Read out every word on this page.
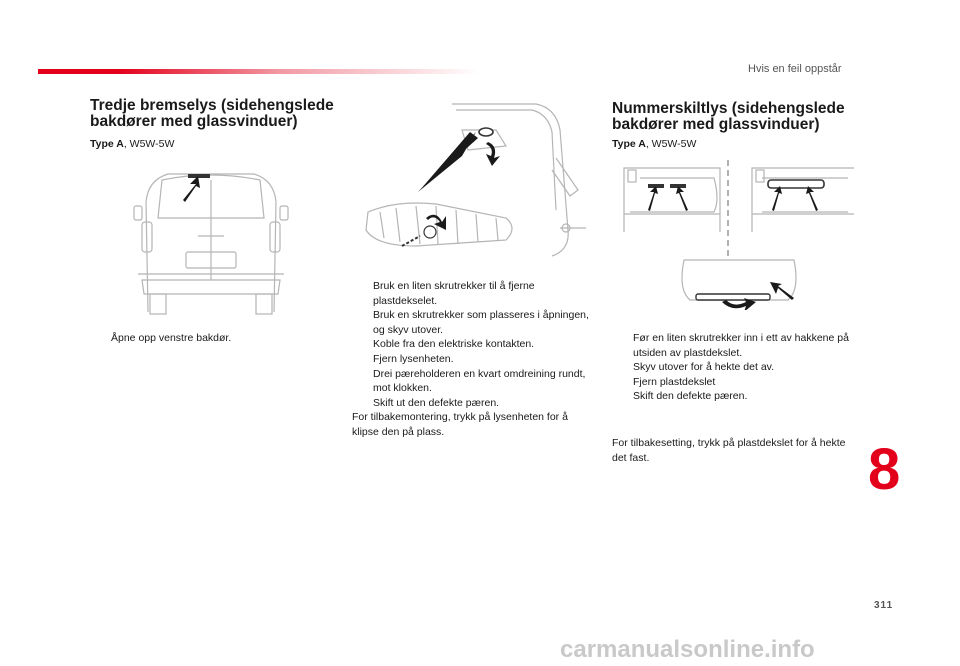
Hvis en feil oppstår
Tredje bremselys (sidehengslede
bakdører med glassvinduer)
Type A, W5W-5W
Åpne opp venstre bakdør.
Bruk en liten skrutrekker til å fjerne plastdekselet.
Bruk en skrutrekker som plasseres i åpningen, og skyv utover.
Koble fra den elektriske kontakten.
Fjern lysenheten.
Drei pæreholderen en kvart omdreining rundt, mot klokken.
Skift ut den defekte pæren.
For tilbakemontering, trykk på lysenheten for å klipse den på plass.
Nummerskiltlys (sidehengslede
bakdører med glassvinduer)
Type A, W5W-5W
Før en liten skrutrekker inn i ett av hakkene på utsiden av plastdekslet.
Skyv utover for å hekte det av.
Fjern plastdekslet
Skift den defekte pæren.
For tilbakesetting, trykk på plastdekslet for å hekte det fast.	8
311
carmanualsonline.info
